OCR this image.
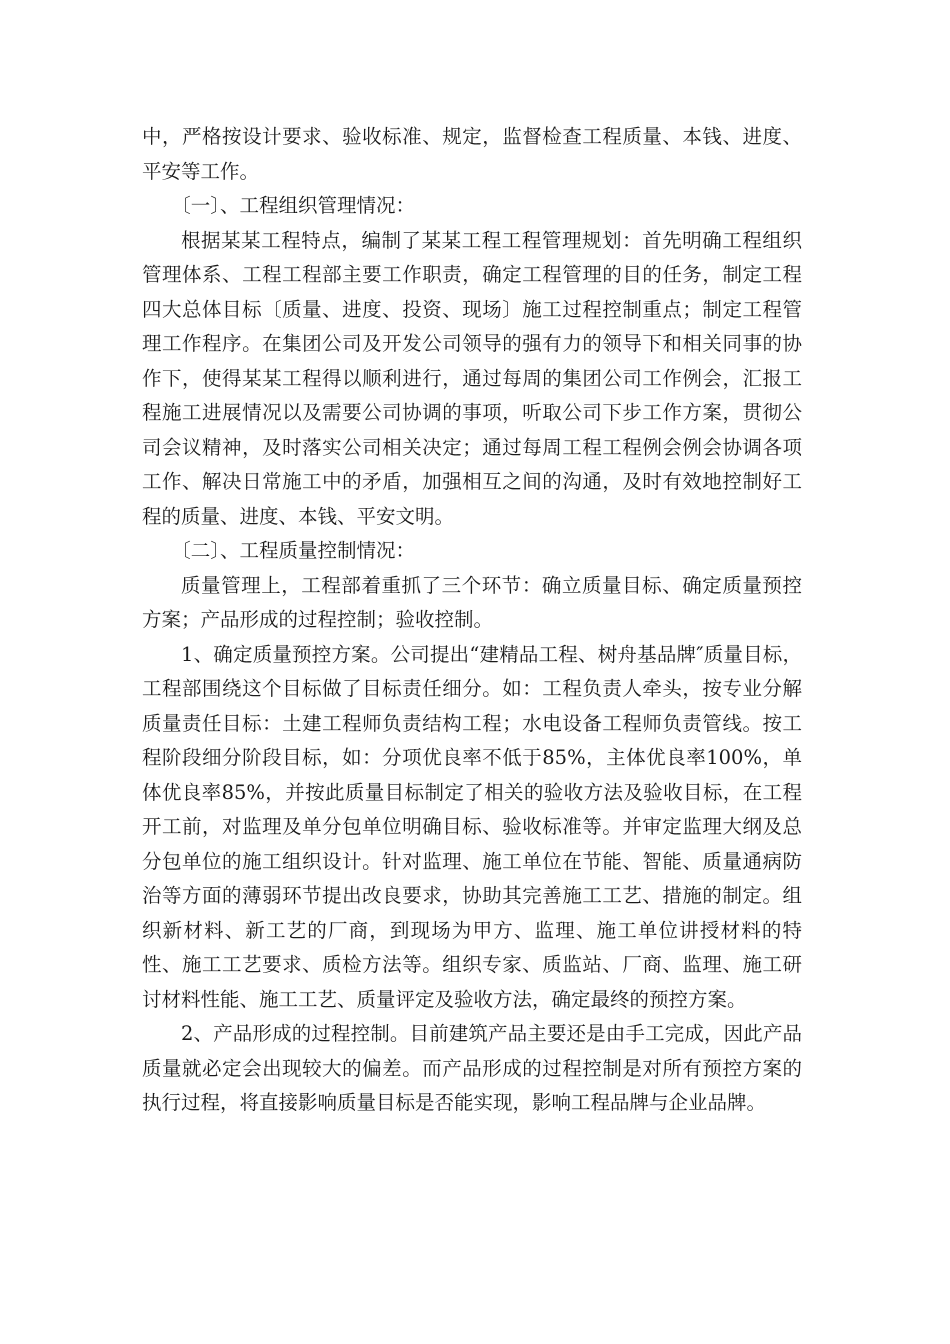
中，严格按设计要求、验收标准、规定，监督检查工程质量、本钱、进度、平安等工作。

〔一〕、工程组织管理情况：

根据某某工程特点，编制了某某工程工程管理规划：首先明确工程组织管理体系、工程工程部主要工作职责，确定工程管理的目的任务，制定工程四大总体目标〔质量、进度、投资、现场〕施工过程控制重点；制定工程管理工作程序。在集团公司及开发公司领导的强有力的领导下和相关同事的协作下，使得某某工程得以顺利进行，通过每周的集团公司工作例会，汇报工程施工进展情况以及需要公司协调的事项，听取公司下步工作方案，贯彻公司会议精神，及时落实公司相关决定；通过每周工程工程例会例会协调各项工作、解决日常施工中的矛盾，加强相互之间的沟通，及时有效地控制好工程的质量、进度、本钱、平安文明。

〔二〕、工程质量控制情况：

质量管理上，工程部着重抓了三个环节：确立质量目标、确定质量预控方案；产品形成的过程控制；验收控制。

1、确定质量预控方案。公司提出“建精品工程、树舟基品牌″质量目标，工程部围绕这个目标做了目标责任细分。如：工程负责人牵头，按专业分解质量责任目标：土建工程师负责结构工程；水电设备工程师负责管线。按工程阶段细分阶段目标，如：分项优良率不低于85%，主体优良率100%，单体优良率85%，并按此质量目标制定了相关的验收方法及验收目标，在工程开工前，对监理及单分包单位明确目标、验收标准等。并审定监理大纲及总分包单位的施工组织设计。针对监理、施工单位在节能、智能、质量通病防治等方面的薄弱环节提出改良要求，协助其完善施工工艺、措施的制定。组织新材料、新工艺的厂商，到现场为甲方、监理、施工单位讲授材料的特性、施工工艺要求、质检方法等。组织专家、质监站、厂商、监理、施工研讨材料性能、施工工艺、质量评定及验收方法，确定最终的预控方案。

2、产品形成的过程控制。目前建筑产品主要还是由手工完成，因此产品质量就必定会出现较大的偏差。而产品形成的过程控制是对所有预控方案的执行过程，将直接影响质量目标是否能实现，影响工程品牌与企业品牌。
